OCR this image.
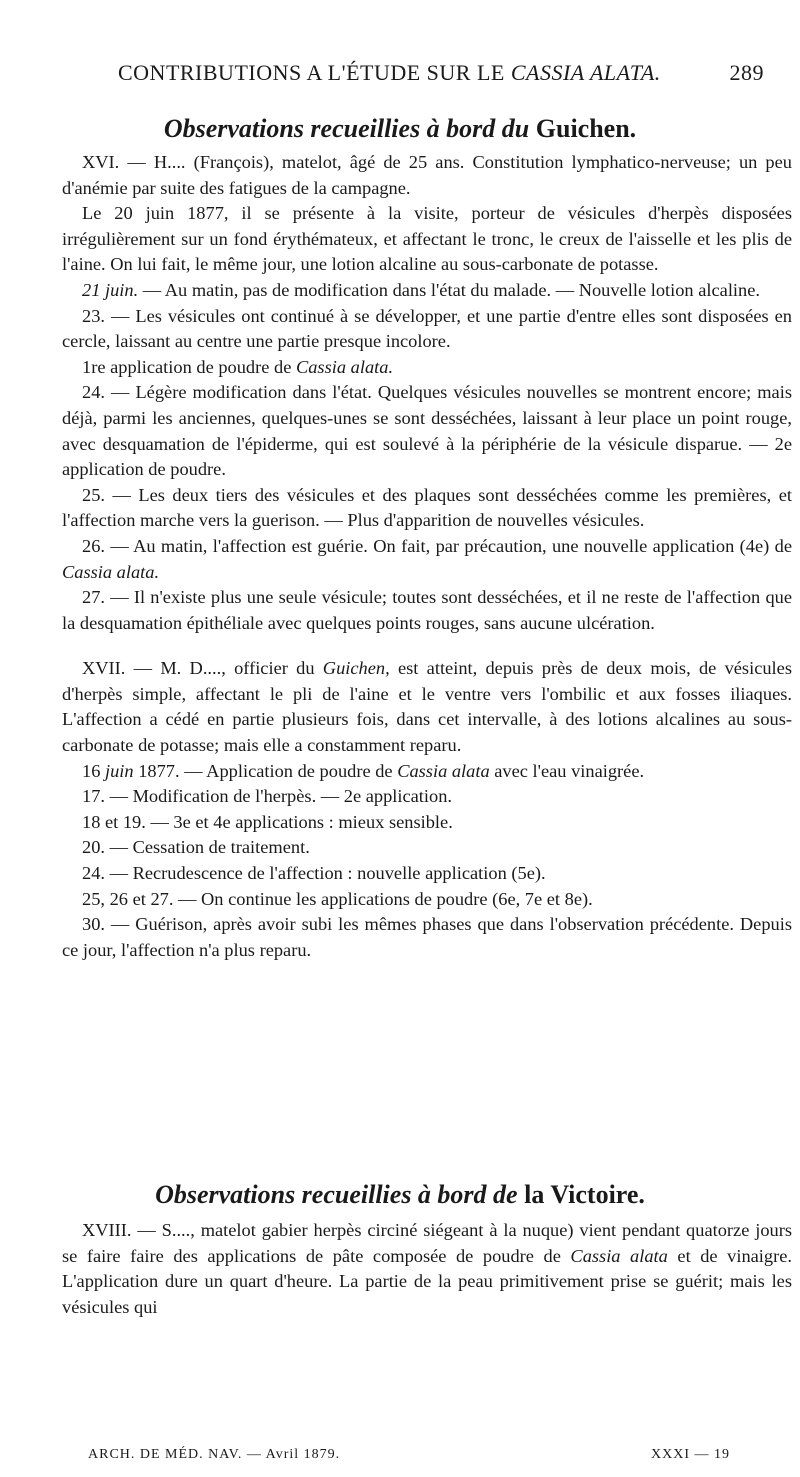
CONTRIBUTIONS A L'ÉTUDE SUR LE CASSIA ALATA.	289
Observations recueillies à bord du Guichen.

XVI. — H.... (François), matelot, âgé de 25 ans. Constitution lymphatico-nerveuse; un peu d'anémie par suite des fatigues de la campagne.

Le 20 juin 1877, il se présente à la visite, porteur de vésicules d'herpès disposées irrégulièrement sur un fond érythémateux, et affectant le tronc, le creux de l'aisselle et les plis de l'aine. On lui fait, le même jour, une lotion alcaline au sous-carbonate de potasse.

21 juin. — Au matin, pas de modification dans l'état du malade. — Nouvelle lotion alcaline.

23. — Les vésicules ont continué à se développer, et une partie d'entre elles sont disposées en cercle, laissant au centre une partie presque incolore.

1re application de poudre de Cassia alata.

24. — Légère modification dans l'état. Quelques vésicules nouvelles se montrent encore; mais déjà, parmi les anciennes, quelques-unes se sont desséchées, laissant à leur place un point rouge, avec desquamation de l'épiderme, qui est soulevé à la périphérie de la vésicule disparue. — 2e application de poudre.

25. — Les deux tiers des vésicules et des plaques sont desséchées comme les premières, et l'affection marche vers la guerison. — Plus d'apparition de nouvelles vésicules.

26. — Au matin, l'affection est guérie. On fait, par précaution, une nouvelle application (4e) de Cassia alata.

27. — Il n'existe plus une seule vésicule; toutes sont desséchées, et il ne reste de l'affection que la desquamation épithéliale avec quelques points rouges, sans aucune ulcération.

XVII. — M. D...., officier du Guichen, est atteint, depuis près de deux mois, de vésicules d'herpès simple, affectant le pli de l'aine et le ventre vers l'ombilic et aux fosses iliaques. L'affection a cédé en partie plusieurs fois, dans cet intervalle, à des lotions alcalines au sous-carbonate de potasse; mais elle a constamment reparu.

16 juin 1877. — Application de poudre de Cassia alata avec l'eau vinaigrée.

17. — Modification de l'herpès. — 2e application.

18 et 19. — 3e et 4e applications : mieux sensible.

20. — Cessation de traitement.

24. — Recrudescence de l'affection : nouvelle application (5e).

25, 26 et 27. — On continue les applications de poudre (6e, 7e et 8e).

30. — Guérison, après avoir subi les mêmes phases que dans l'observation précédente. Depuis ce jour, l'affection n'a plus reparu.

Observations recueillies à bord de la Victoire.

XVIII. — S...., matelot gabier herpès circiné siégeant à la nuque) vient pendant quatorze jours se faire faire des applications de pâte composée de poudre de Cassia alata et de vinaigre. L'application dure un quart d'heure. La partie de la peau primitivement prise se guérit; mais les vésicules qui

ARCH. DE MÉD. NAV. — Avril 1879.	XXXI — 19
